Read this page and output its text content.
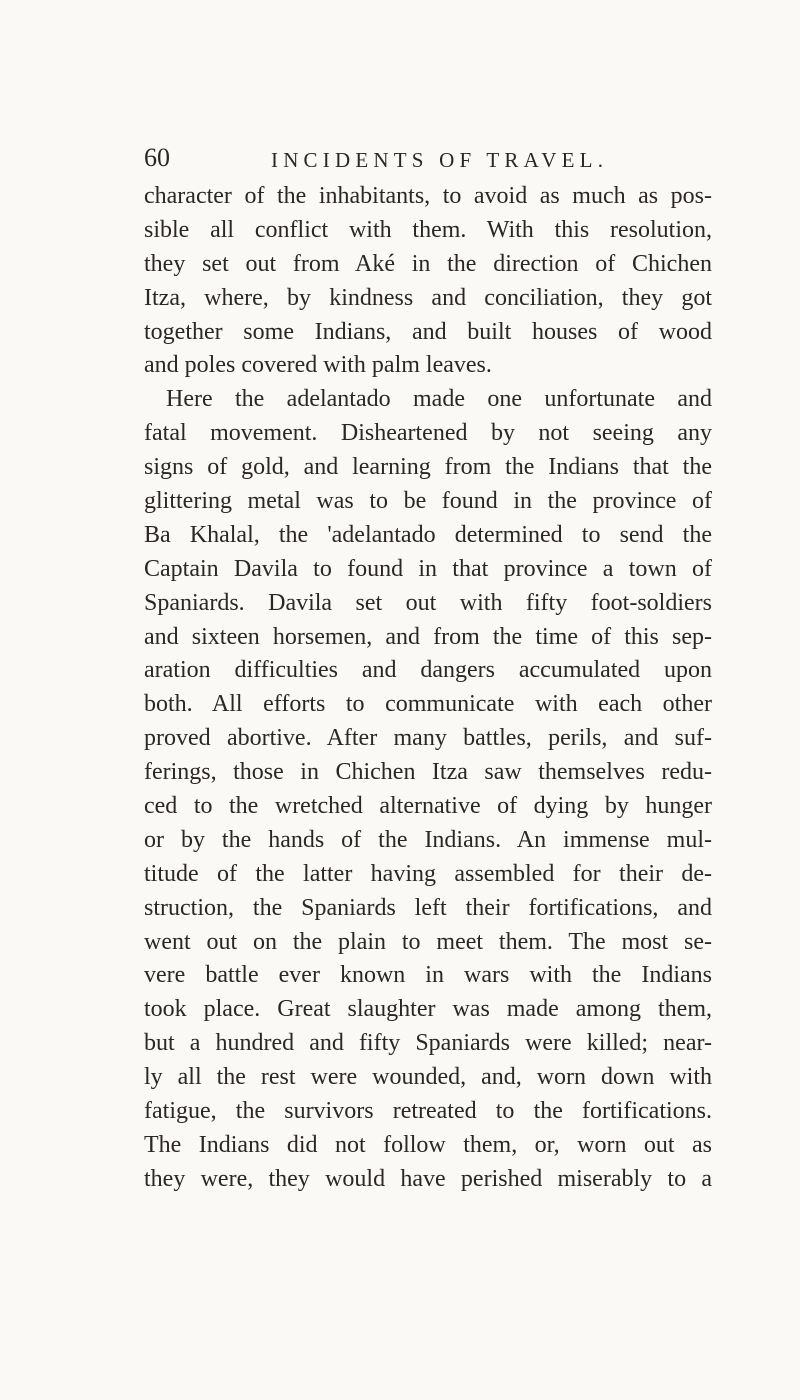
60	INCIDENTS OF TRAVEL.
character of the inhabitants, to avoid as much as pos-
sible all conflict with them. With this resolution,
they set out from Aké in the direction of Chichen
Itza, where, by kindness and conciliation, they got
together some Indians, and built houses of wood
and poles covered with palm leaves.
Here the adelantado made one unfortunate and
fatal movement. Disheartened by not seeing any
signs of gold, and learning from the Indians that the
glittering metal was to be found in the province of
Ba Khalal, the 'adelantado determined to send the
Captain Davila to found in that province a town of
Spaniards. Davila set out with fifty foot-soldiers
and sixteen horsemen, and from the time of this sep-
aration difficulties and dangers accumulated upon
both. All efforts to communicate with each other
proved abortive. After many battles, perils, and suf-
ferings, those in Chichen Itza saw themselves redu-
ced to the wretched alternative of dying by hunger
or by the hands of the Indians. An immense mul-
titude of the latter having assembled for their de-
struction, the Spaniards left their fortifications, and
went out on the plain to meet them. The most se-
vere battle ever known in wars with the Indians
took place. Great slaughter was made among them,
but a hundred and fifty Spaniards were killed; near-
ly all the rest were wounded, and, worn down with
fatigue, the survivors retreated to the fortifications.
The Indians did not follow them, or, worn out as
they were, they would have perished miserably to a
